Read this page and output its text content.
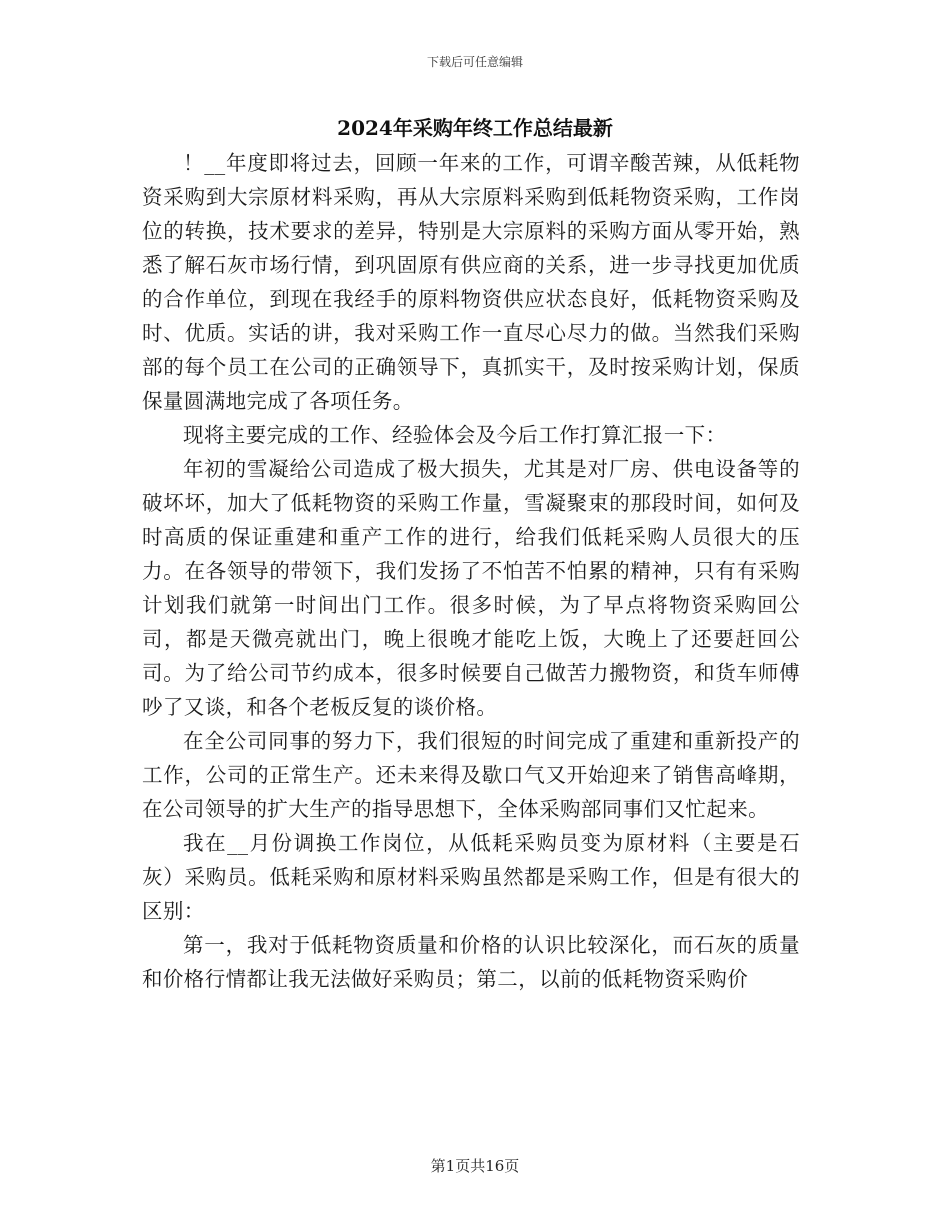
下载后可任意编辑
2024年采购年终工作总结最新

！__年度即将过去，回顾一年来的工作，可谓辛酸苦辣，从低耗物资采购到大宗原材料采购，再从大宗原料采购到低耗物资采购，工作岗位的转换，技术要求的差异，特别是大宗原料的采购方面从零开始，熟悉了解石灰市场行情，到巩固原有供应商的关系，进一步寻找更加优质的合作单位，到现在我经手的原料物资供应状态良好，低耗物资采购及时、优质。实话的讲，我对采购工作一直尽心尽力的做。当然我们采购部的每个员工在公司的正确领导下，真抓实干，及时按采购计划，保质保量圆满地完成了各项任务。

现将主要完成的工作、经验体会及今后工作打算汇报一下：

年初的雪凝给公司造成了极大损失，尤其是对厂房、供电设备等的破坏坏，加大了低耗物资的采购工作量，雪凝聚束的那段时间，如何及时高质的保证重建和重产工作的进行，给我们低耗采购人员很大的压力。在各领导的带领下，我们发扬了不怕苦不怕累的精神，只有有采购计划我们就第一时间出门工作。很多时候，为了早点将物资采购回公司，都是天微亮就出门，晚上很晚才能吃上饭，大晚上了还要赶回公司。为了给公司节约成本，很多时候要自己做苦力搬物资，和货车师傅吵了又谈，和各个老板反复的谈价格。

在全公司同事的努力下，我们很短的时间完成了重建和重新投产的工作，公司的正常生产。还未来得及歇口气又开始迎来了销售高峰期，在公司领导的扩大生产的指导思想下，全体采购部同事们又忙起来。

我在__月份调换工作岗位，从低耗采购员变为原材料（主要是石灰）采购员。低耗采购和原材料采购虽然都是采购工作，但是有很大的区别：

第一，我对于低耗物资质量和价格的认识比较深化，而石灰的质量和价格行情都让我无法做好采购员；第二，以前的低耗物资采购价

第1页共16页
